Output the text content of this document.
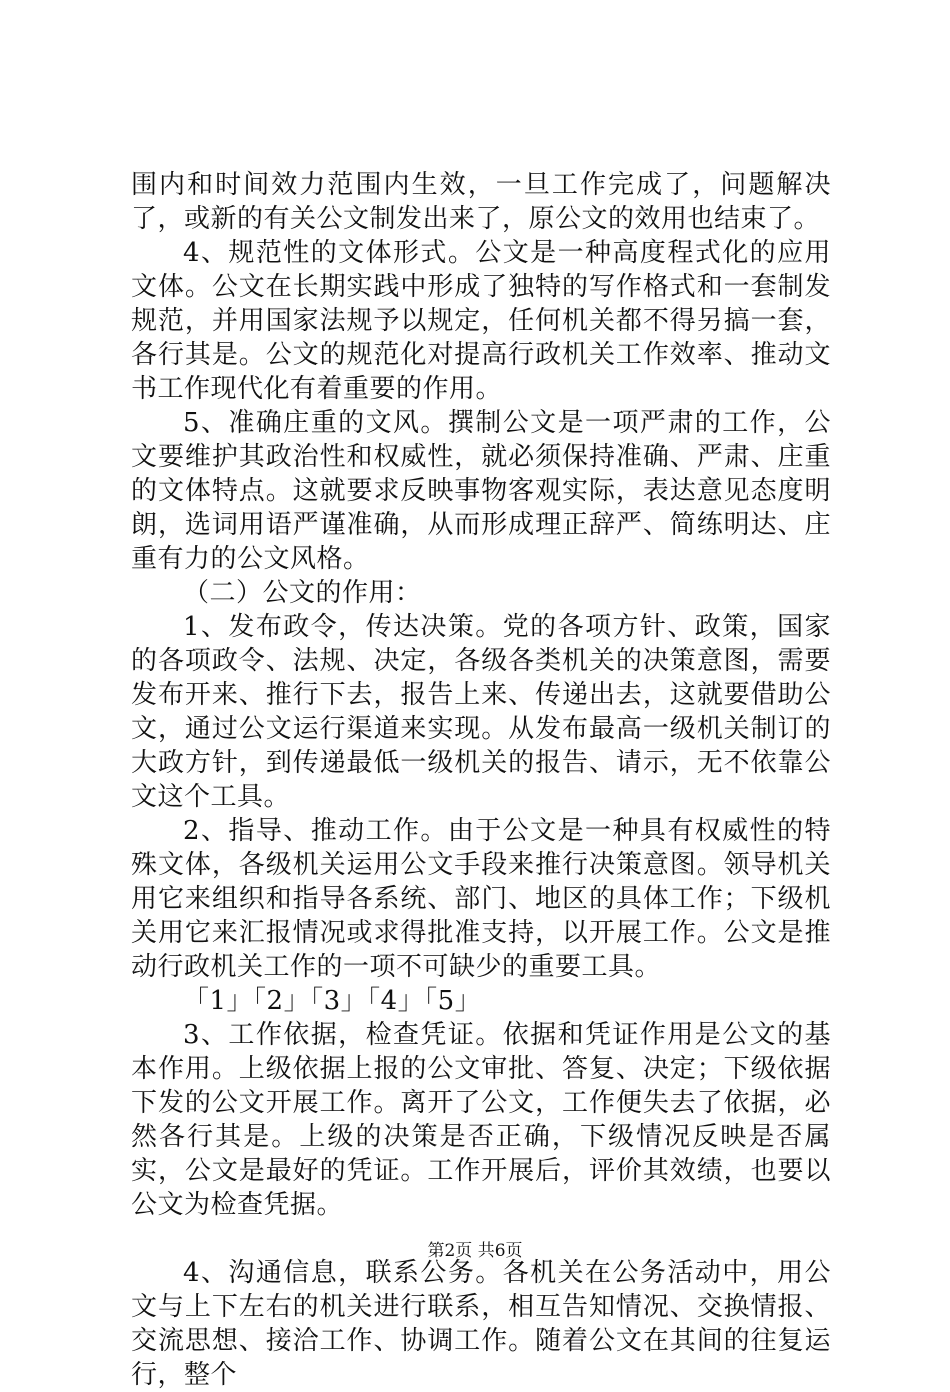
围内和时间效力范围内生效，一旦工作完成了，问题解决了，或新的有关公文制发出来了，原公文的效用也结束了。

4、规范性的文体形式。公文是一种高度程式化的应用文体。公文在长期实践中形成了独特的写作格式和一套制发规范，并用国家法规予以规定，任何机关都不得另搞一套，各行其是。公文的规范化对提高行政机关工作效率、推动文书工作现代化有着重要的作用。

5、准确庄重的文风。撰制公文是一项严肃的工作，公文要维护其政治性和权威性，就必须保持准确、严肃、庄重的文体特点。这就要求反映事物客观实际，表达意见态度明朗，选词用语严谨准确，从而形成理正辞严、简练明达、庄重有力的公文风格。

（二）公文的作用：

1、发布政令，传达决策。党的各项方针、政策，国家的各项政令、法规、决定，各级各类机关的决策意图，需要发布开来、推行下去，报告上来、传递出去，这就要借助公文，通过公文运行渠道来实现。从发布最高一级机关制订的大政方针，到传递最低一级机关的报告、请示，无不依靠公文这个工具。

2、指导、推动工作。由于公文是一种具有权威性的特殊文体，各级机关运用公文手段来推行决策意图。领导机关用它来组织和指导各系统、部门、地区的具体工作；下级机关用它来汇报情况或求得批准支持，以开展工作。公文是推动行政机关工作的一项不可缺少的重要工具。

「1」「2」「3」「4」「5」

3、工作依据，检查凭证。依据和凭证作用是公文的基本作用。上级依据上报的公文审批、答复、决定；下级依据下发的公文开展工作。离开了公文，工作便失去了依据，必然各行其是。上级的决策是否正确，下级情况反映是否属实，公文是最好的凭证。工作开展后，评价其效绩，也要以公文为检查凭据。

4、沟通信息，联系公务。各机关在公务活动中，用公文与上下左右的机关进行联系，相互告知情况、交换情报、交流思想、接洽工作、协调工作。随着公文在其间的往复运行，整个

第2页 共6页
